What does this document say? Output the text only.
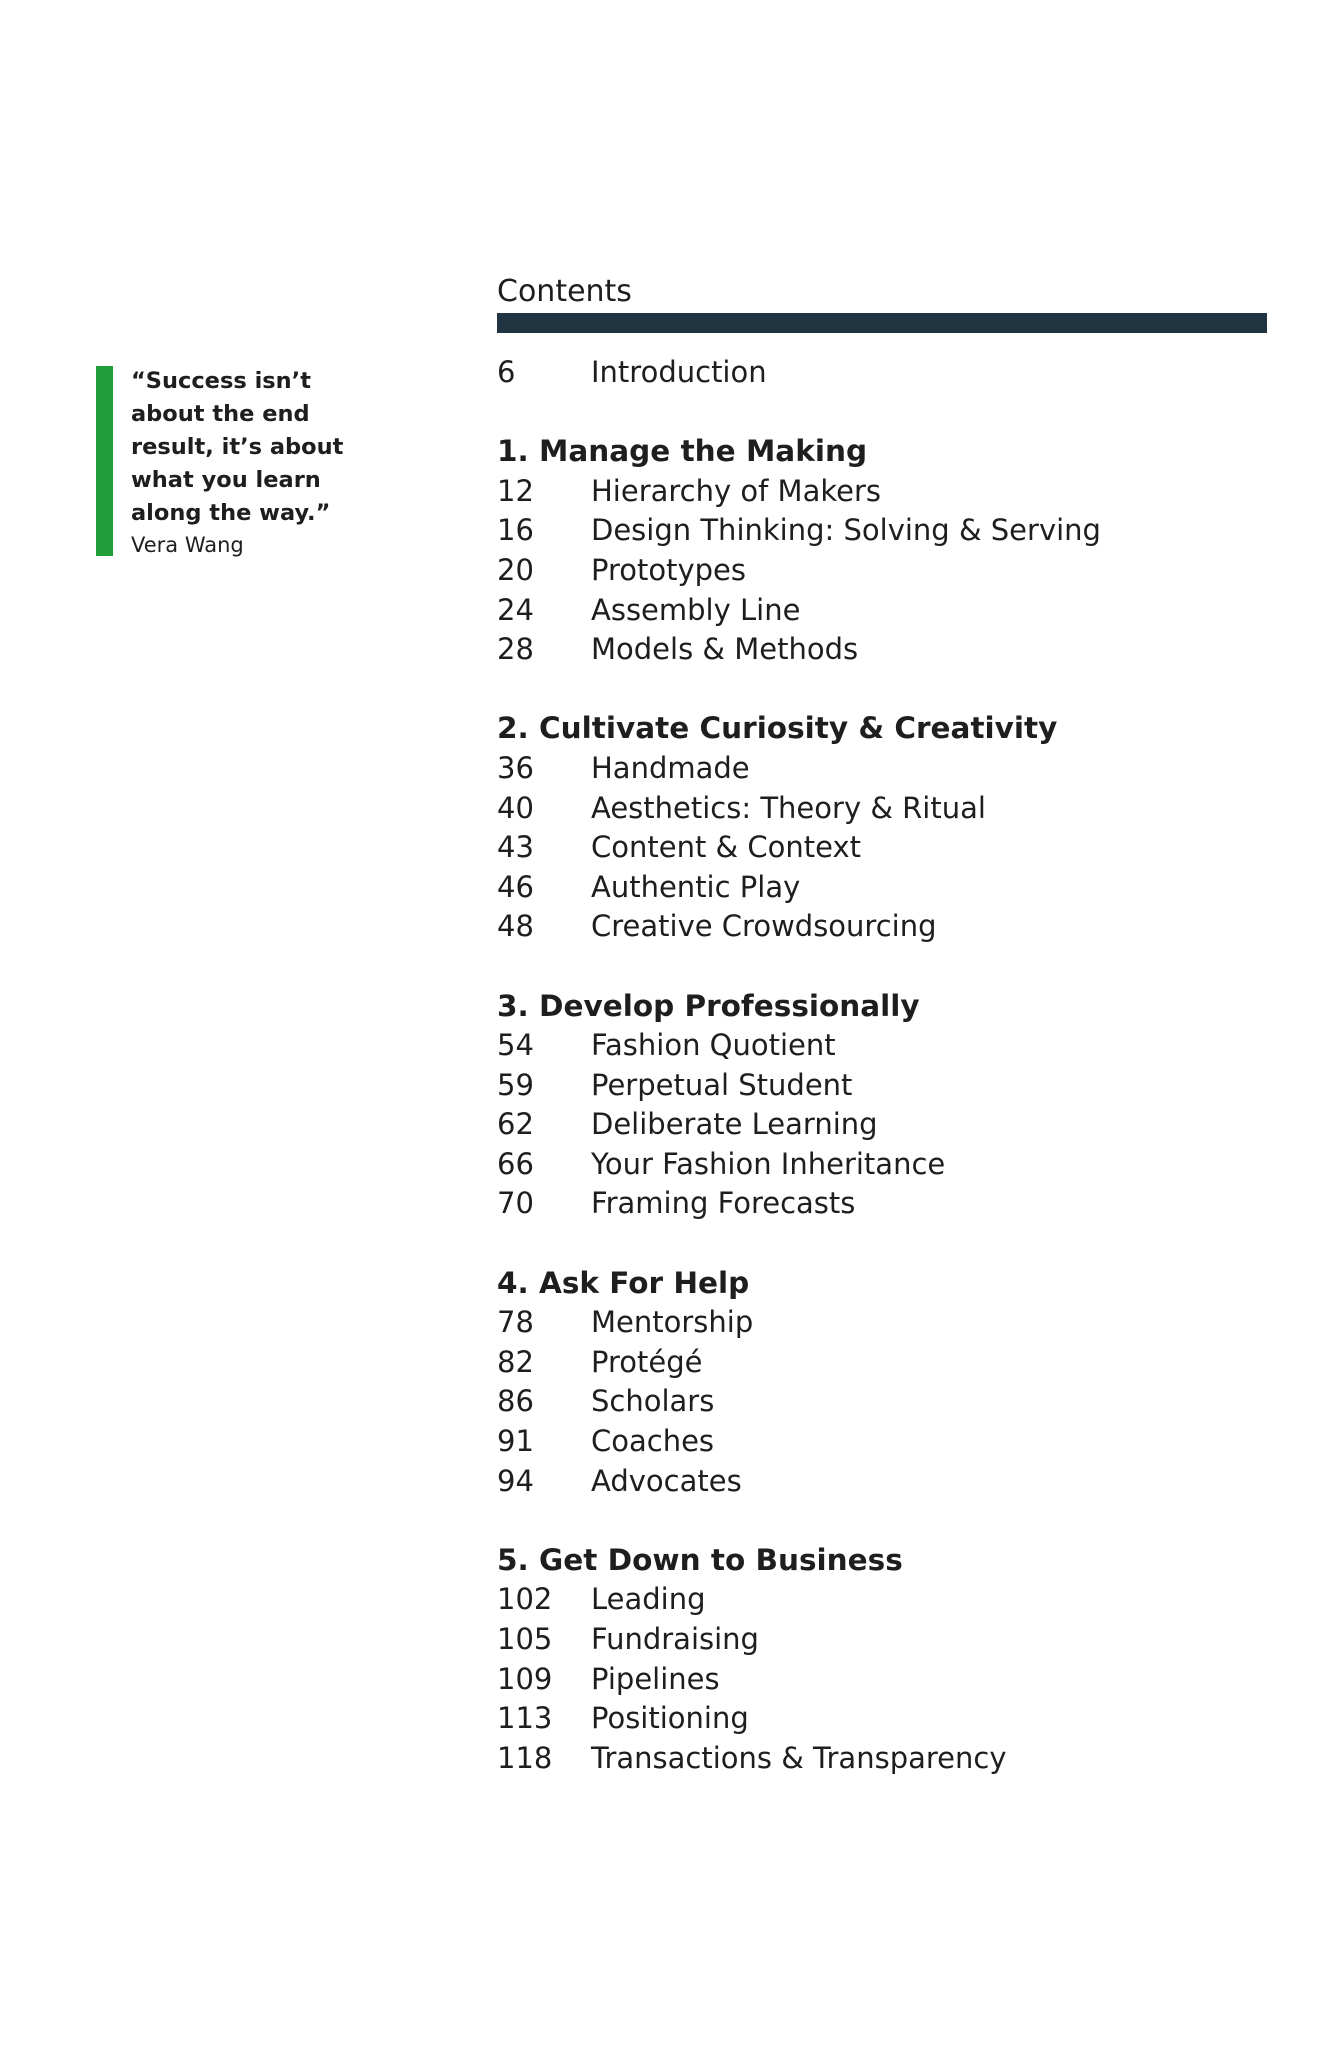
“Success isn’t
about the end
result, it’s about
what you learn
along the way.”
Vera Wang
Contents
6	Introduction
1. Manage the Making
12	Hierarchy of Makers
16	Design Thinking: Solving & Serving
20	Prototypes
24	Assembly Line
28	Models & Methods
2. Cultivate Curiosity & Creativity
36	Handmade
40	Aesthetics: Theory & Ritual
43	Content & Context
46	Authentic Play
48	Creative Crowdsourcing
3. Develop Professionally
54	Fashion Quotient
59	Perpetual Student
62	Deliberate Learning
66	Your Fashion Inheritance
70	Framing Forecasts
4. Ask For Help
78	Mentorship
82	Protégé
86	Scholars
91	Coaches
94	Advocates
5. Get Down to Business
102	Leading
105	Fundraising
109	Pipelines
113	Positioning
118	Transactions & Transparency
